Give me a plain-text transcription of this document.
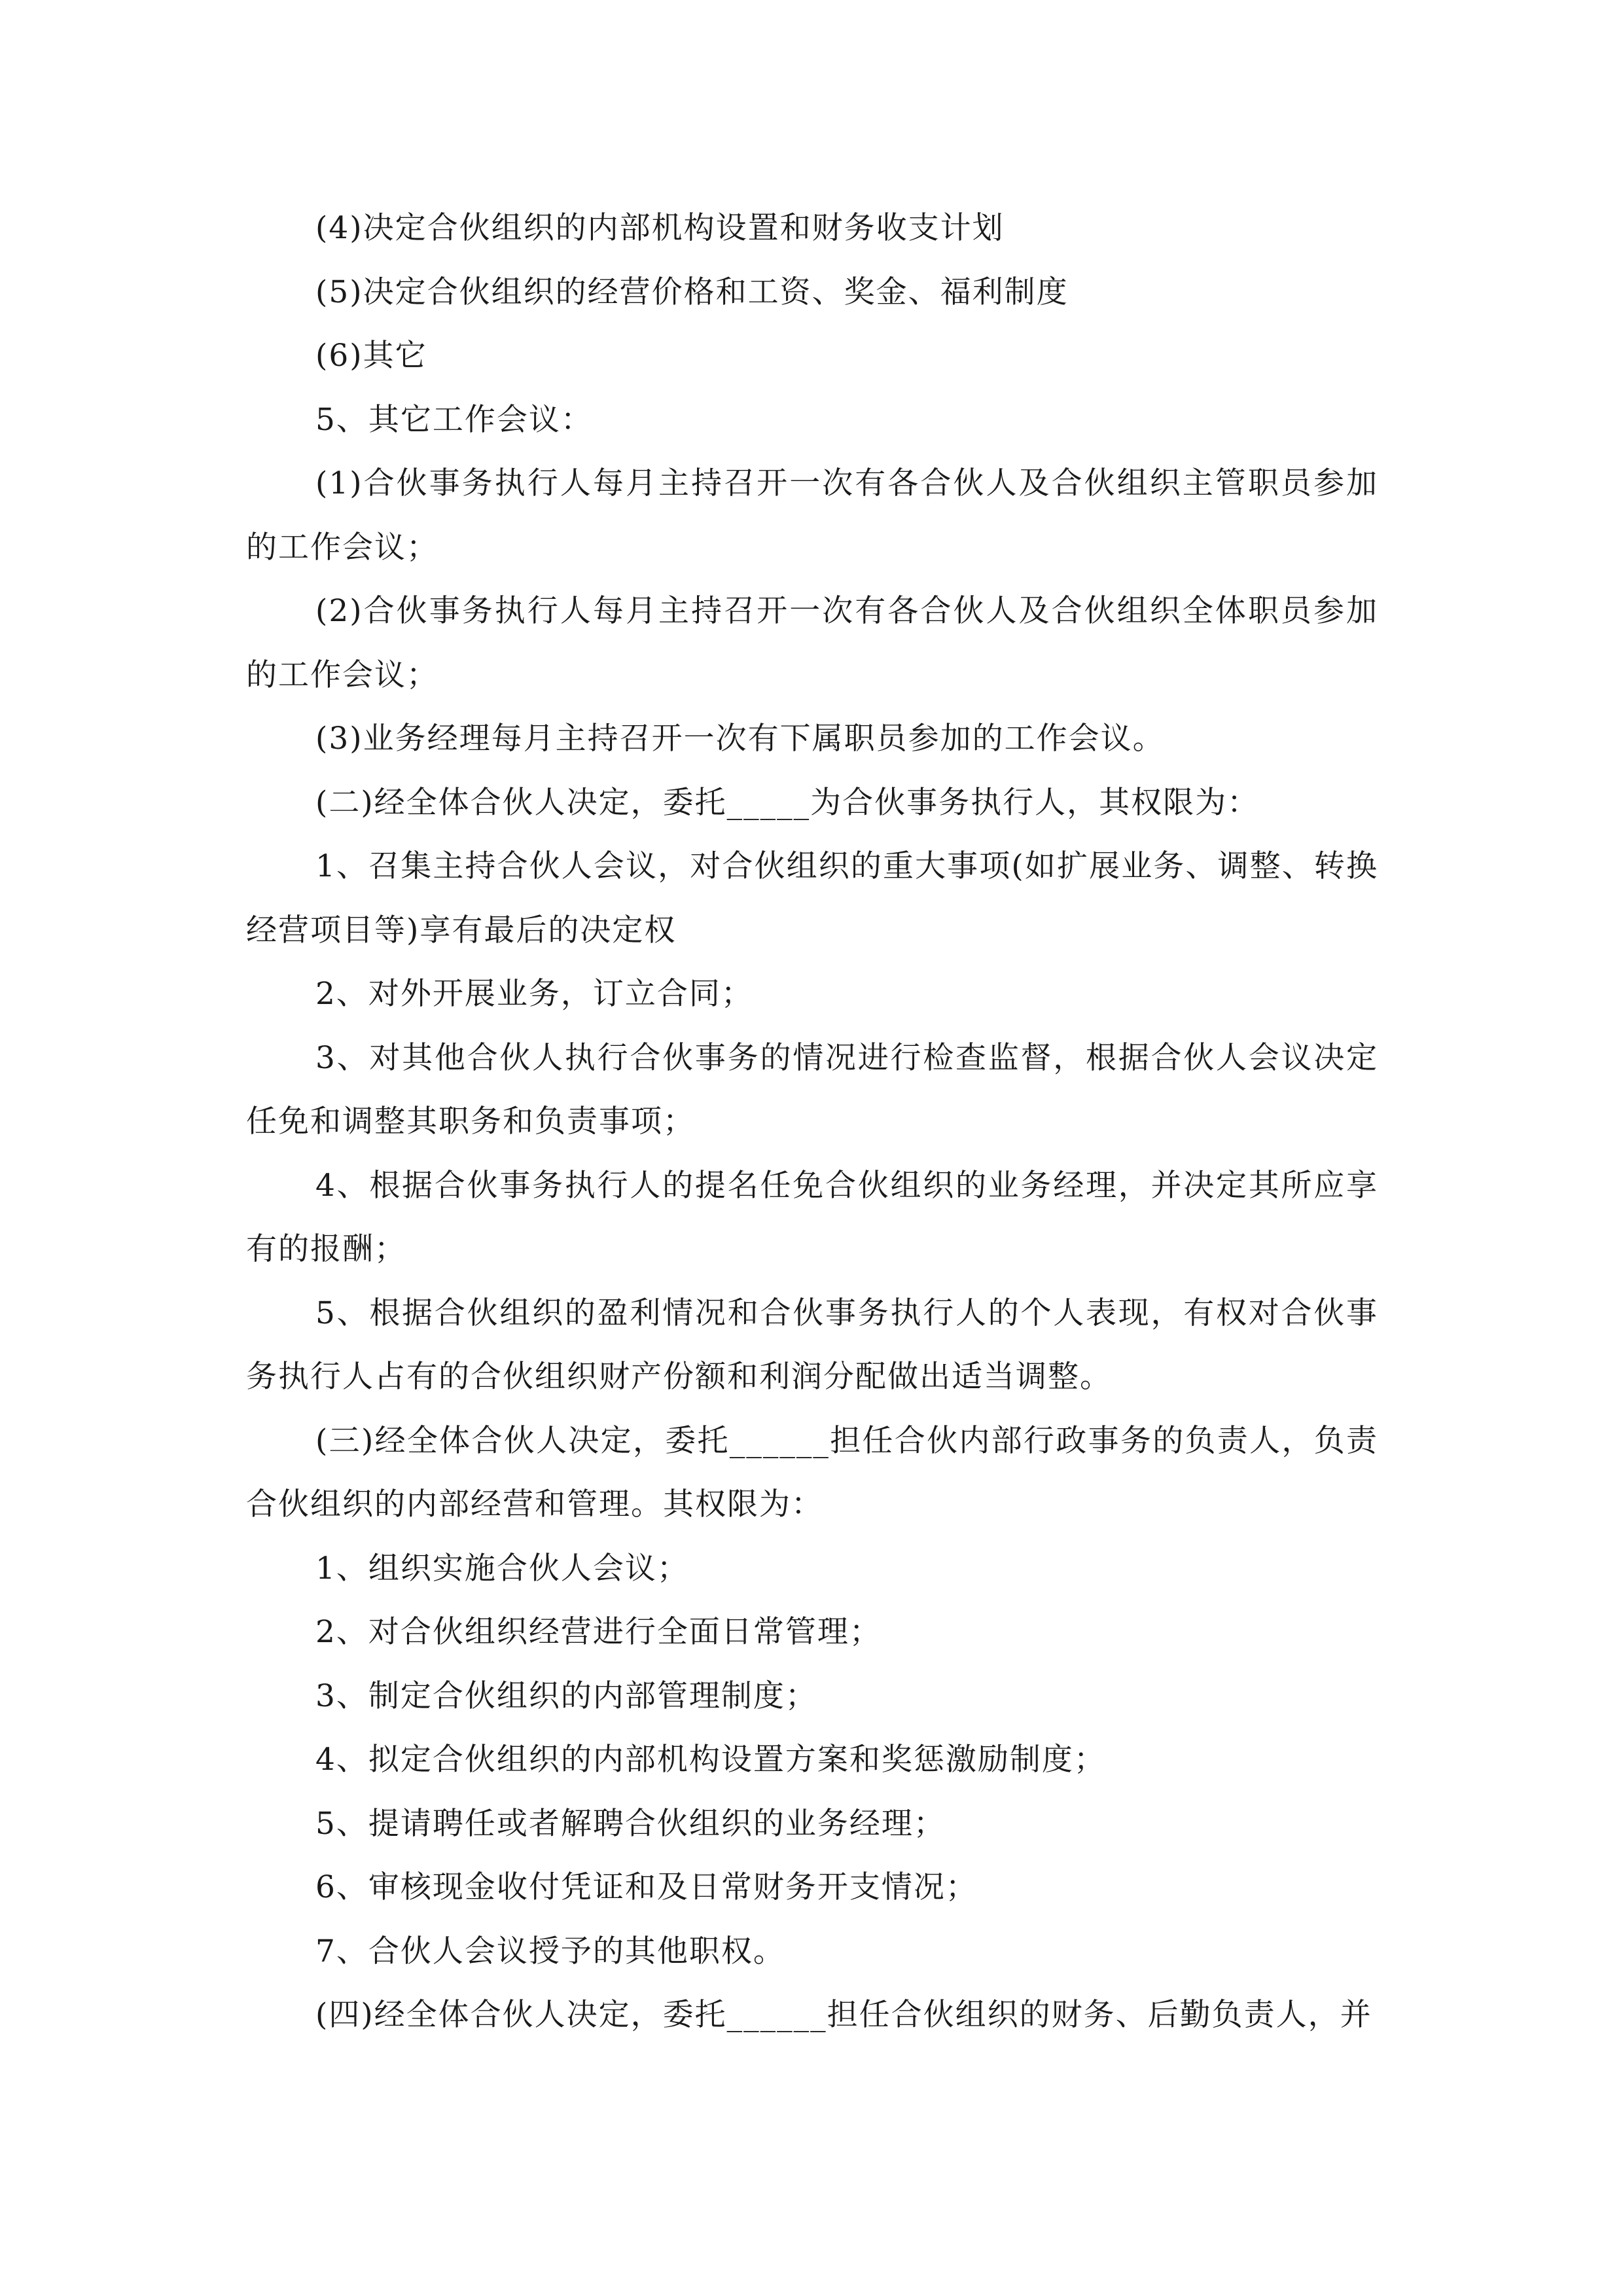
(4)决定合伙组织的内部机构设置和财务收支计划

(5)决定合伙组织的经营价格和工资、奖金、福利制度

(6)其它

5、其它工作会议：

(1)合伙事务执行人每月主持召开一次有各合伙人及合伙组织主管职员参加的工作会议；

(2)合伙事务执行人每月主持召开一次有各合伙人及合伙组织全体职员参加的工作会议；

(3)业务经理每月主持召开一次有下属职员参加的工作会议。

(二)经全体合伙人决定，委托_____为合伙事务执行人，其权限为：

1、召集主持合伙人会议，对合伙组织的重大事项(如扩展业务、调整、转换经营项目等)享有最后的决定权

2、对外开展业务，订立合同；

3、对其他合伙人执行合伙事务的情况进行检查监督，根据合伙人会议决定任免和调整其职务和负责事项；

4、根据合伙事务执行人的提名任免合伙组织的业务经理，并决定其所应享有的报酬；

5、根据合伙组织的盈利情况和合伙事务执行人的个人表现，有权对合伙事务执行人占有的合伙组织财产份额和利润分配做出适当调整。

(三)经全体合伙人决定，委托______担任合伙内部行政事务的负责人，负责合伙组织的内部经营和管理。其权限为：

1、组织实施合伙人会议；

2、对合伙组织经营进行全面日常管理；

3、制定合伙组织的内部管理制度；

4、拟定合伙组织的内部机构设置方案和奖惩激励制度；

5、提请聘任或者解聘合伙组织的业务经理；

6、审核现金收付凭证和及日常财务开支情况；

7、合伙人会议授予的其他职权。

(四)经全体合伙人决定，委托______担任合伙组织的财务、后勤负责人，并
